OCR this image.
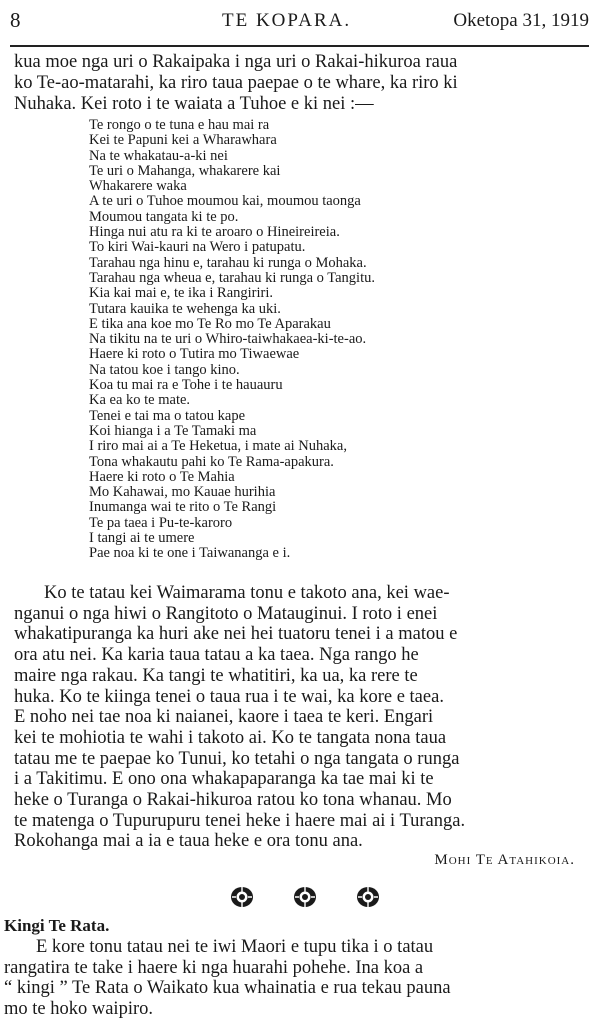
8	TE KOPARA.	Oketopa 31, 1919
kua moe nga uri o Rakaipaka i nga uri o Rakai-hikuroa raua
ko Te-ao-matarahi, ka riro taua paepae o te whare, ka riro ki
Nuhaka. Kei roto i te waiata a Tuhoe e ki nei :—
Te rongo o te tuna e hau mai ra
Kei te Papuni kei a Wharawhara
Na te whakatau-a-ki nei
Te uri o Mahanga, whakarere kai
Whakarere waka
A te uri o Tuhoe moumou kai, moumou taonga
Moumou tangata ki te po.
Hinga nui atu ra ki te aroaro o Hineireireia.
To kiri Wai-kauri na Wero i patupatu.
Tarahau nga hinu e, tarahau ki runga o Mohaka.
Tarahau nga wheua e, tarahau ki runga o Tangitu.
Kia kai mai e, te ika i Rangiriri.
Tutara kauika te wehenga ka uki.
E tika ana koe mo Te Ro mo Te Aparakau
Na tikitu na te uri o Whiro-taiwhakaea-ki-te-ao.
Haere ki roto o Tutira mo Tiwaewae
Na tatou koe i tango kino.
Koa tu mai ra e Tohe i te hauauru
Ka ea ko te mate.
Tenei e tai ma o tatou kape
Koi hianga i a Te Tamaki ma
I riro mai ai a Te Heketua, i mate ai Nuhaka,
Tona whakautu pahi ko Te Rama-apakura.
Haere ki roto o Te Mahia
Mo Kahawai, mo Kauae hurihia
Inumanga wai te rito o Te Rangi
Te pa taea i Pu-te-karoro
I tangi ai te umere
Pae noa ki te one i Taiwananga e i.
Ko te tatau kei Waimarama tonu e takoto ana, kei wae-
nganui o nga hiwi o Rangitoto o Matauginui. I roto i enei
whakatipuranga ka huri ake nei hei tuatoru tenei i a matou e
ora atu nei. Ka karia taua tatau a ka taea. Nga rango he
maire nga rakau. Ka tangi te whatitiri, ka ua, ka rere te
huka. Ko te kiinga tenei o taua rua i te wai, ka kore e taea.
E noho nei tae noa ki naianei, kaore i taea te keri. Engari
kei te mohiotia te wahi i takoto ai. Ko te tangata nona taua
tatau me te paepae ko Tunui, ko tetahi o nga tangata o runga
i a Takitimu. E ono ona whakapaparanga ka tae mai ki te
heke o Turanga o Rakai-hikuroa ratou ko tona whanau. Mo
te matenga o Tupurupuru tenei heke i haere mai ai i Turanga.
Rokohanga mai a ia e taua heke e ora tonu ana.
Mohi Te Atahikoia.
Kingi Te Rata.
E kore tonu tatau nei te iwi Maori e tupu tika i o tatau
rangatira te take i haere ki nga huarahi pohehe. Ina koa a
“ kingi ” Te Rata o Waikato kua whainatia e rua tekau pauna
mo te hoko waipiro.
